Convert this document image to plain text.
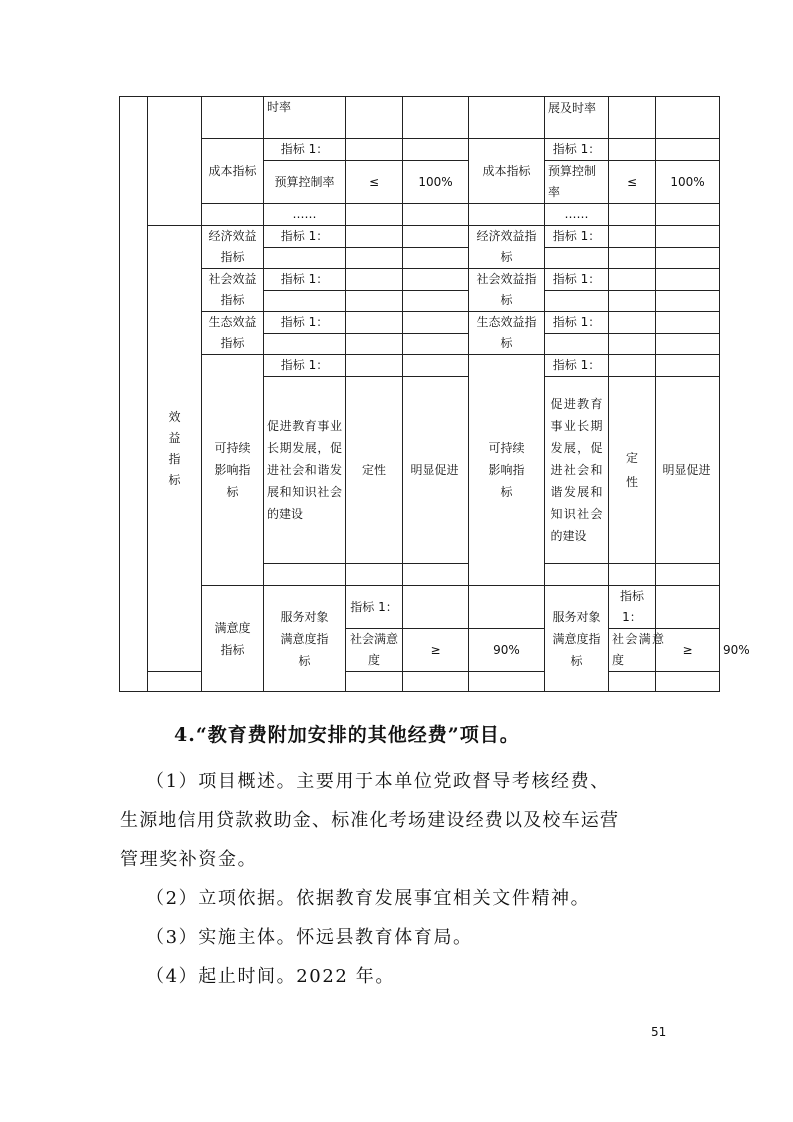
			时率				展及时率			
		成本指标	指标 1：			成本指标	指标 1：			
			预算控制率	≤	100%		预算控制率	≤	100%	
			……				……			

	效益指标	经济效益指标	指标 1：			经济效益指标	指标 1：			

		社会效益指标	指标 1：			社会效益指标	指标 1：			

		生态效益指标	指标 1：			生态效益指标	指标 1：			

		可持续影响指标	指标 1：			可持续影响指标	指标 1：			
			促进教育事业长期发展，促进社会和谐发展和知识社会的建设	定性	明显促进		促进教育事业长期发展，促进社会和谐发展和知识社会的建设	定性	明显促进	

		满意度指标	服务对象满意度指标	指标 1：			服务对象满意度指标	指标 1：		
				社会满意度	≥	90%		社会满意度	≥	90%

4.“教育费附加安排的其他经费”项目。
（1）项目概述。主要用于本单位党政督导考核经费、
生源地信用贷款救助金、标准化考场建设经费以及校车运营
管理奖补资金。
（2）立项依据。依据教育发展事宜相关文件精神。
（3）实施主体。怀远县教育体育局。
（4）起止时间。2022 年。
51
